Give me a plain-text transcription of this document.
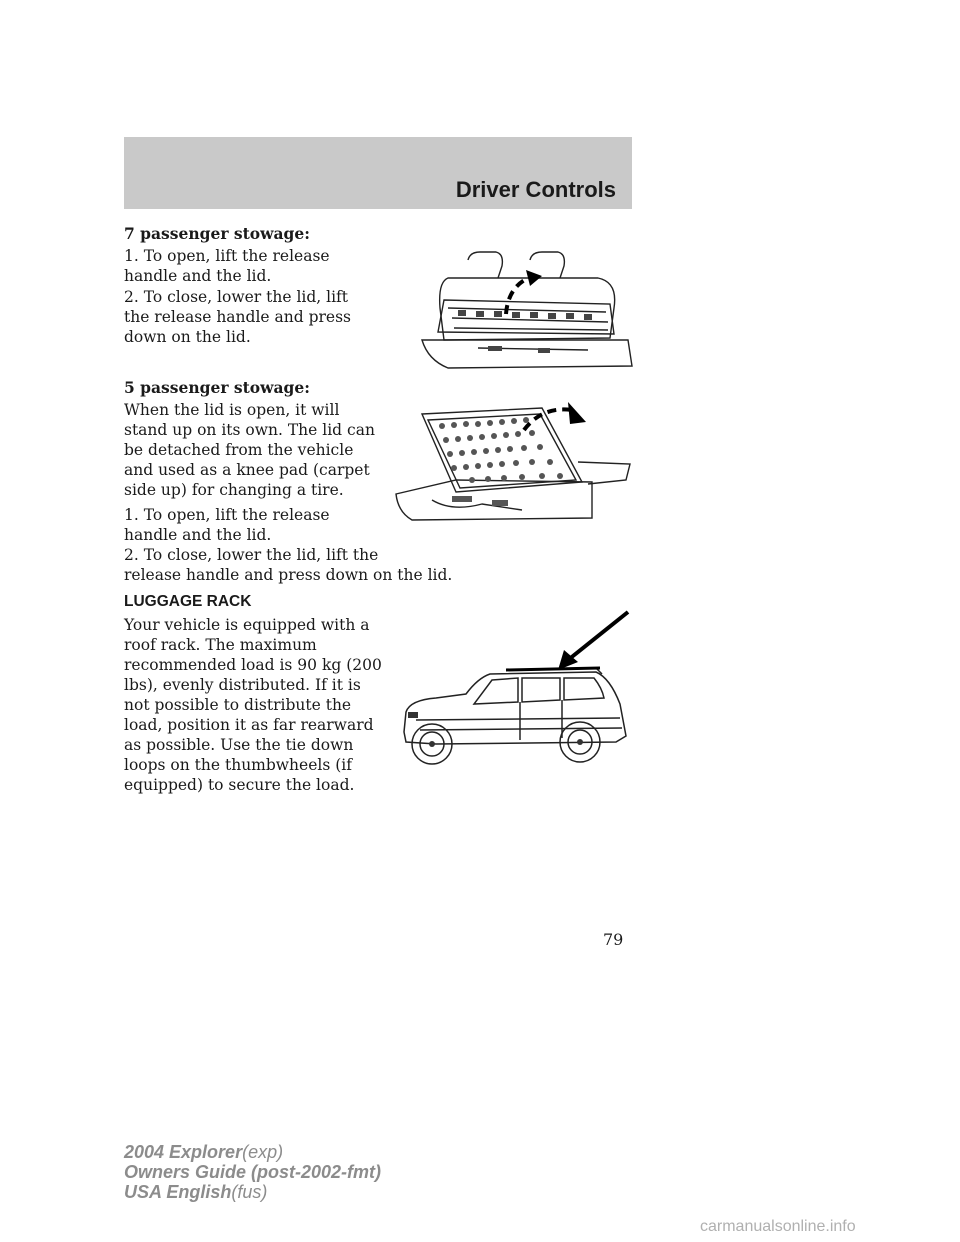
Driver Controls

7 passenger stowage:

1. To open, lift the release handle and the lid.

2. To close, lower the lid, lift the release handle and press down on the lid.

5 passenger stowage:

When the lid is open, it will stand up on its own. The lid can be detached from the vehicle and used as a knee pad (carpet side up) for changing a tire.

1. To open, lift the release handle and the lid.

2. To close, lower the lid, lift the
release handle and press down on the lid.

LUGGAGE RACK

Your vehicle is equipped with a roof rack. The maximum recommended load is 90 kg (200 lbs), evenly distributed. If it is not possible to distribute the load, position it as far rearward as possible. Use the tie down loops on the thumbwheels (if equipped) to secure the load.

79
2004 Explorer(exp)
Owners Guide (post-2002-fmt)
USA English(fus)
carmanualsonline.info
